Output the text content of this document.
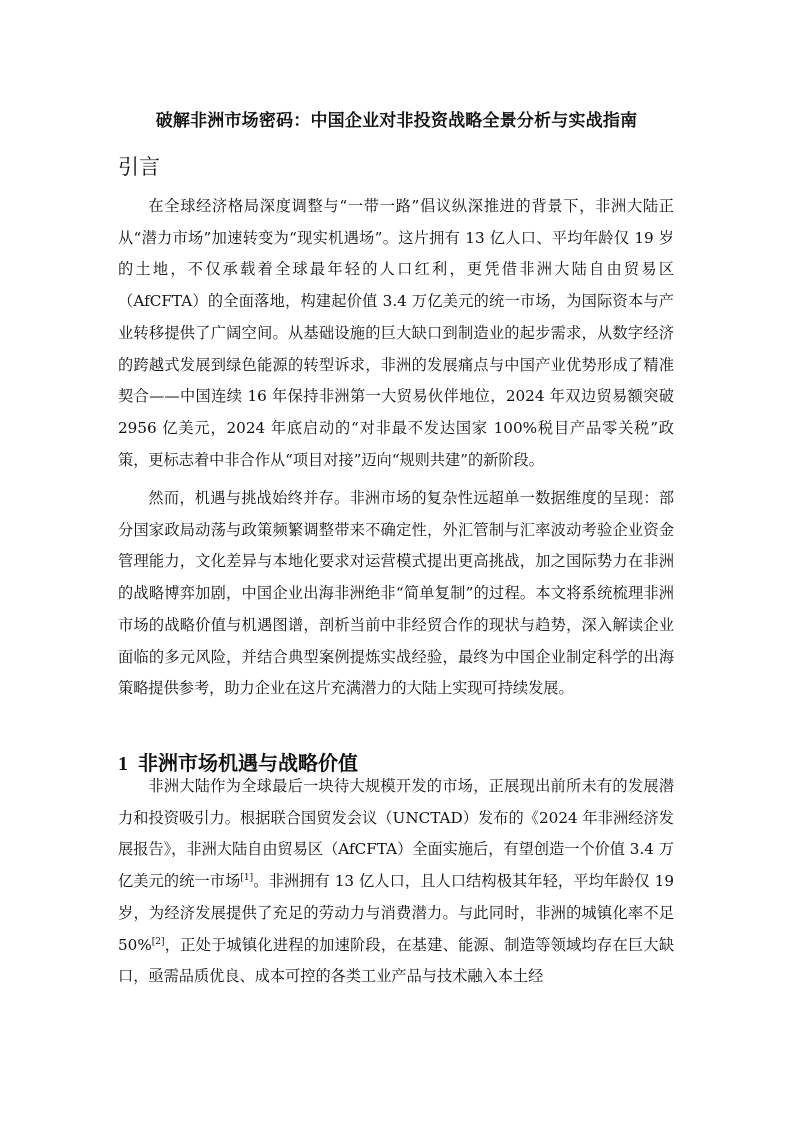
破解非洲市场密码：中国企业对非投资战略全景分析与实战指南
引言

在全球经济格局深度调整与“一带一路”倡议纵深推进的背景下，非洲大陆正从“潜力市场”加速转变为“现实机遇场”。这片拥有 13 亿人口、平均年龄仅 19 岁的土地，不仅承载着全球最年轻的人口红利，更凭借非洲大陆自由贸易区（AfCFTA）的全面落地，构建起价值 3.4 万亿美元的统一市场，为国际资本与产业转移提供了广阔空间。从基础设施的巨大缺口到制造业的起步需求，从数字经济的跨越式发展到绿色能源的转型诉求，非洲的发展痛点与中国产业优势形成了精准契合——中国连续 16 年保持非洲第一大贸易伙伴地位，2024 年双边贸易额突破 2956 亿美元，2024 年底启动的“对非最不发达国家 100%税目产品零关税”政策，更标志着中非合作从“项目对接”迈向“规则共建”的新阶段。

然而，机遇与挑战始终并存。非洲市场的复杂性远超单一数据维度的呈现：部分国家政局动荡与政策频繁调整带来不确定性，外汇管制与汇率波动考验企业资金管理能力，文化差异与本地化要求对运营模式提出更高挑战，加之国际势力在非洲的战略博弈加剧，中国企业出海非洲绝非“简单复制”的过程。本文将系统梳理非洲市场的战略价值与机遇图谱，剖析当前中非经贸合作的现状与趋势，深入解读企业面临的多元风险，并结合典型案例提炼实战经验，最终为中国企业制定科学的出海策略提供参考，助力企业在这片充满潜力的大陆上实现可持续发展。

1 非洲市场机遇与战略价值

非洲大陆作为全球最后一块待大规模开发的市场，正展现出前所未有的发展潜力和投资吸引力。根据联合国贸发会议（UNCTAD）发布的《2024 年非洲经济发展报告》，非洲大陆自由贸易区（AfCFTA）全面实施后，有望创造一个价值 3.4 万亿美元的统一市场[1]。非洲拥有 13 亿人口，且人口结构极其年轻，平均年龄仅 19 岁，为经济发展提供了充足的劳动力与消费潜力。与此同时，非洲的城镇化率不足 50%[2]，正处于城镇化进程的加速阶段，在基建、能源、制造等领域均存在巨大缺口，亟需品质优良、成本可控的各类工业产品与技术融入本土经
